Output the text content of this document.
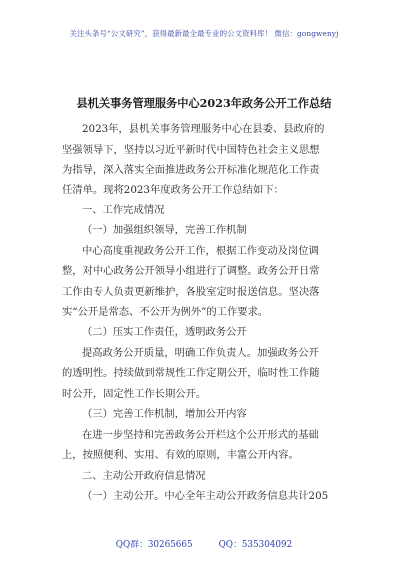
关注头条号“公文研究”，获得最新最全最专业的公文资料库！ 微信：gongwenyj
县机关事务管理服务中心2023年政务公开工作总结
2023年，县机关事务管理服务中心在县委、县政府的
坚强领导下，坚持以习近平新时代中国特色社会主义思想
为指导，深入落实全面推进政务公开标准化规范化工作责
任清单。现将2023年度政务公开工作总结如下：
一、工作完成情况
（一）加强组织领导，完善工作机制
中心高度重视政务公开工作，根据工作变动及岗位调
整，对中心政务公开领导小组进行了调整。政务公开日常
工作由专人负责更新维护，各股室定时报送信息。坚决落
实“公开是常态、不公开为例外”的工作要求。
（二）压实工作责任，透明政务公开
提高政务公开质量，明确工作负责人。加强政务公开
的透明性。持续做到常规性工作定期公开，临时性工作随
时公开，固定性工作长期公开。
（三）完善工作机制，增加公开内容
在进一步坚持和完善政务公开栏这个公开形式的基础
上，按照便利、实用、有效的原则，丰富公开内容。
二、主动公开政府信息情况
（一）主动公开。中心全年主动公开政务信息共计205
QQ群：30265665	QQ：535304092
